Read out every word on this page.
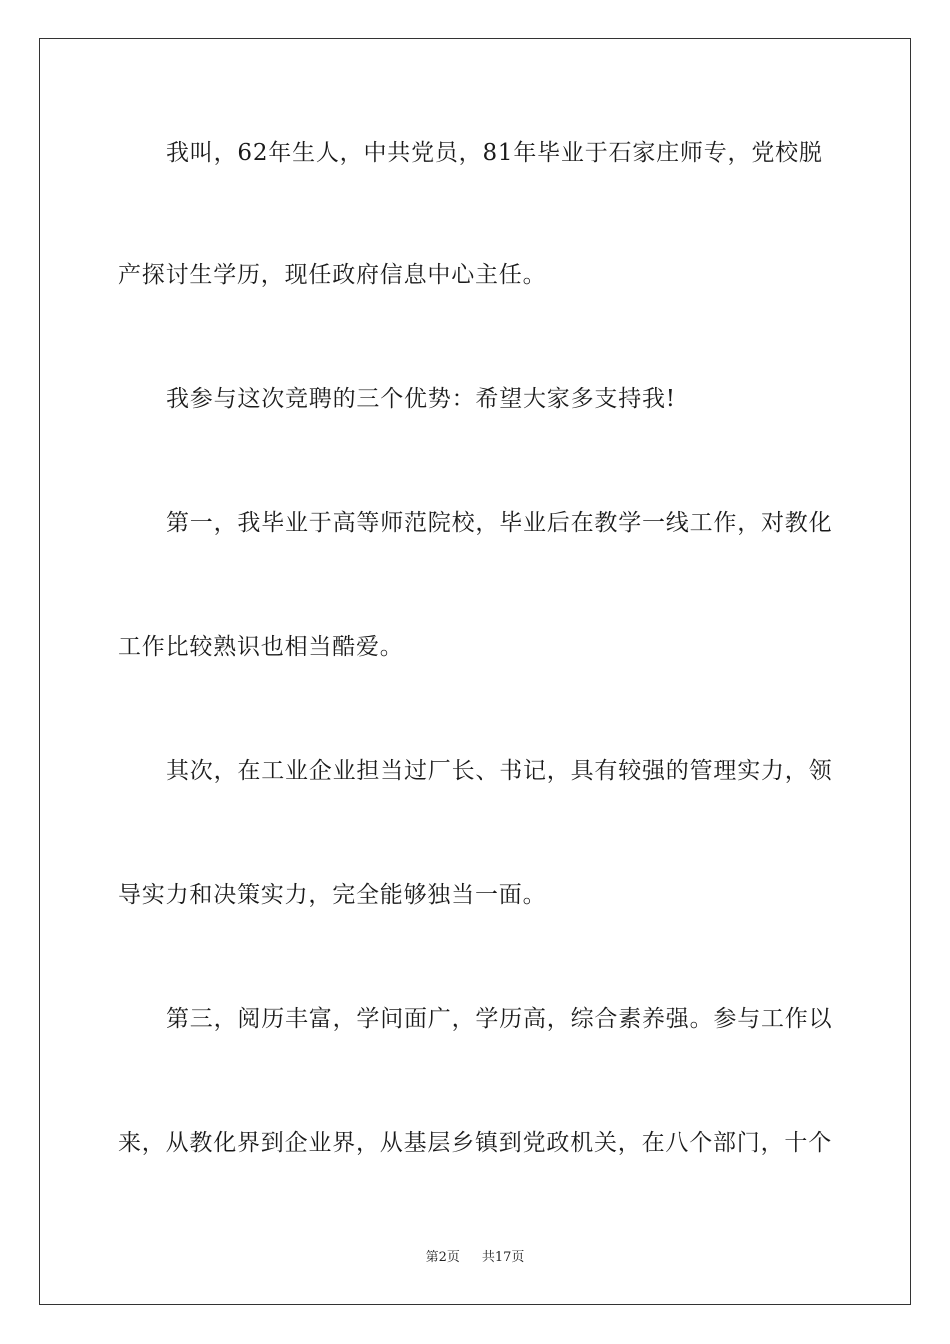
我叫，62年生人，中共党员，81年毕业于石家庄师专，党校脱
产探讨生学历，现任政府信息中心主任。
我参与这次竞聘的三个优势：希望大家多支持我!
第一，我毕业于高等师范院校，毕业后在教学一线工作，对教化
工作比较熟识也相当酷爱。
其次，在工业企业担当过厂长、书记，具有较强的管理实力，领
导实力和决策实力，完全能够独当一面。
第三，阅历丰富，学问面广，学历高，综合素养强。参与工作以
来，从教化界到企业界，从基层乡镇到党政机关，在八个部门，十个
第2页 共17页
